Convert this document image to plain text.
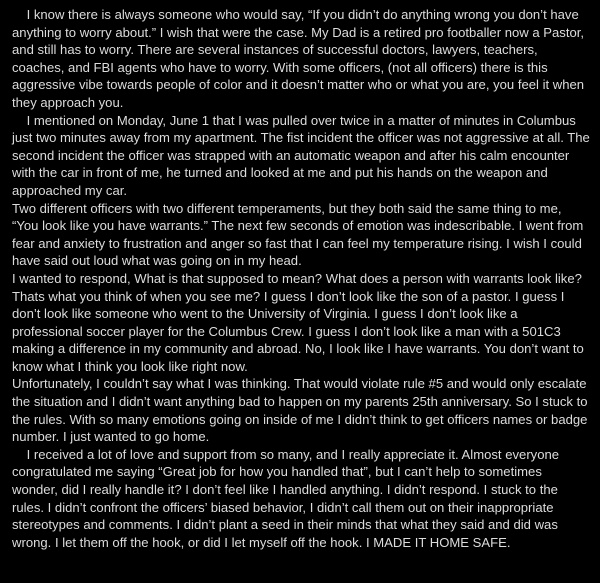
I know there is always someone who would say, “If you didn’t do anything wrong you don’t have anything to worry about.” I wish that were the case. My Dad is a retired pro footballer now a Pastor, and still has to worry. There are several instances of successful doctors, lawyers, teachers, coaches, and FBI agents who have to worry. With some officers, (not all officers) there is this aggressive vibe towards people of color and it doesn’t matter who or what you are, you feel it when they approach you.

I mentioned on Monday, June 1 that I was pulled over twice in a matter of minutes in Columbus just two minutes away from my apartment. The fist incident the officer was not aggressive at all. The second incident the officer was strapped with an automatic weapon and after his calm encounter with the car in front of me, he turned and looked at me and put his hands on the weapon and approached my car.

Two different officers with two different temperaments, but they both said the same thing to me, “You look like you have warrants.” The next few seconds of emotion was indescribable. I went from fear and anxiety to frustration and anger so fast that I can feel my temperature rising. I wish I could have said out loud what was going on in my head.

I wanted to respond, What is that supposed to mean? What does a person with warrants look like? Thats what you think of when you see me? I guess I don’t look like the son of a pastor. I guess I don’t look like someone who went to the University of Virginia. I guess I don’t look like a professional soccer player for the Columbus Crew. I guess I don’t look like a man with a 501C3 making a difference in my community and abroad. No, I look like I have warrants. You don’t want to know what I think you look like right now.

Unfortunately, I couldn’t say what I was thinking. That would violate rule #5 and would only escalate the situation and I didn’t want anything bad to happen on my parents 25th anniversary. So I stuck to the rules. With so many emotions going on inside of me I didn’t think to get officers names or badge number. I just wanted to go home.

I received a lot of love and support from so many, and I really appreciate it. Almost everyone congratulated me saying “Great job for how you handled that”, but I can’t help to sometimes wonder, did I really handle it? I don’t feel like I handled anything. I didn’t respond. I stuck to the rules. I didn’t confront the officers’ biased behavior, I didn’t call them out on their inappropriate stereotypes and comments. I didn’t plant a seed in their minds that what they said and did was wrong. I let them off the hook, or did I let myself off the hook. I MADE IT HOME SAFE.
